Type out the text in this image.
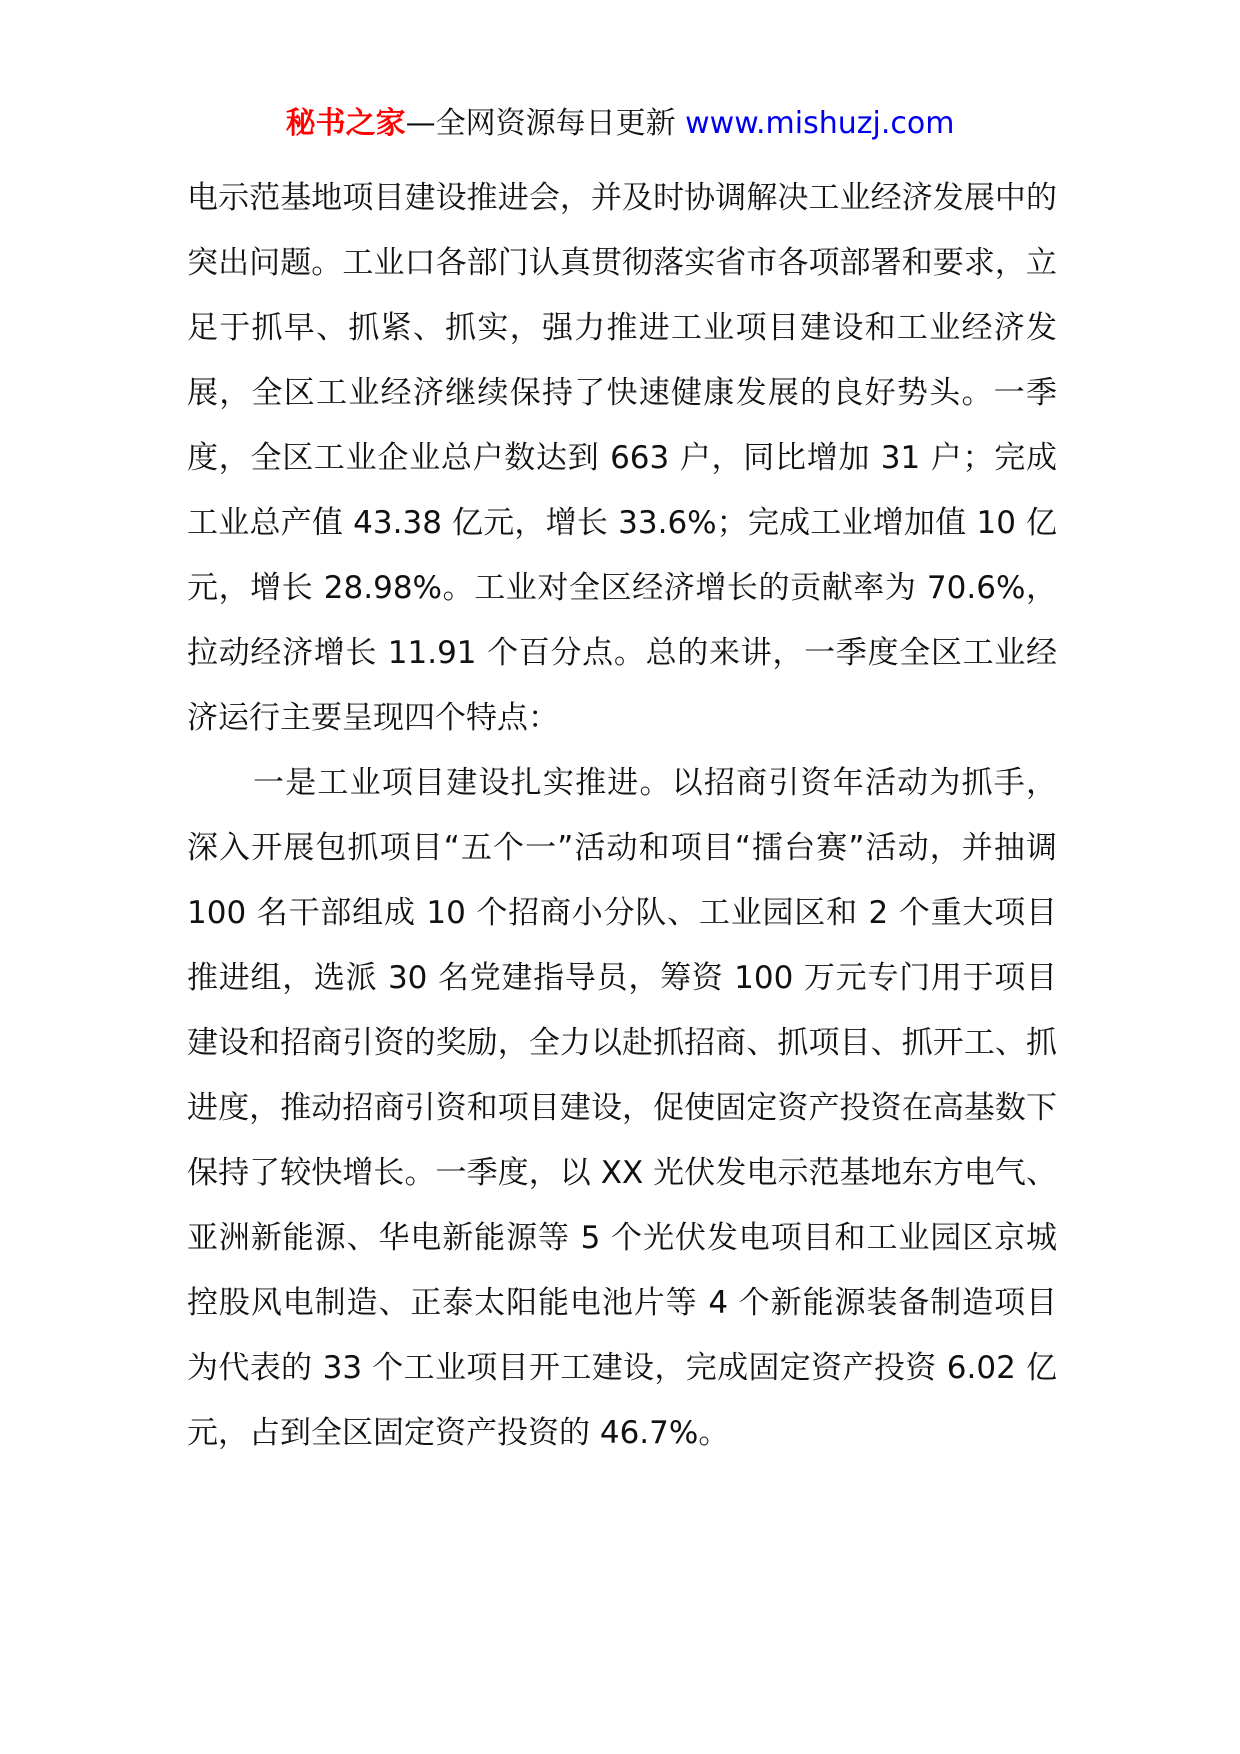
秘书之家—全网资源每日更新 www.mishuzj.com

电示范基地项目建设推进会，并及时协调解决工业经济发展中的突出问题。工业口各部门认真贯彻落实省市各项部署和要求，立足于抓早、抓紧、抓实，强力推进工业项目建设和工业经济发展，全区工业经济继续保持了快速健康发展的良好势头。一季度，全区工业企业总户数达到 663 户，同比增加 31 户；完成工业总产值 43.38 亿元，增长 33.6%；完成工业增加值 10 亿元，增长 28.98%。工业对全区经济增长的贡献率为 70.6%，拉动经济增长 11.91 个百分点。总的来讲，一季度全区工业经济运行主要呈现四个特点：

一是工业项目建设扎实推进。以招商引资年活动为抓手，深入开展包抓项目“五个一”活动和项目“擂台赛”活动，并抽调 100 名干部组成 10 个招商小分队、工业园区和 2 个重大项目推进组，选派 30 名党建指导员，筹资 100 万元专门用于项目建设和招商引资的奖励，全力以赴抓招商、抓项目、抓开工、抓进度，推动招商引资和项目建设，促使固定资产投资在高基数下保持了较快增长。一季度，以 XX 光伏发电示范基地东方电气、亚洲新能源、华电新能源等 5 个光伏发电项目和工业园区京城控股风电制造、正泰太阳能电池片等 4 个新能源装备制造项目为代表的 33 个工业项目开工建设，完成固定资产投资 6.02 亿元，占到全区固定资产投资的 46.7%。
